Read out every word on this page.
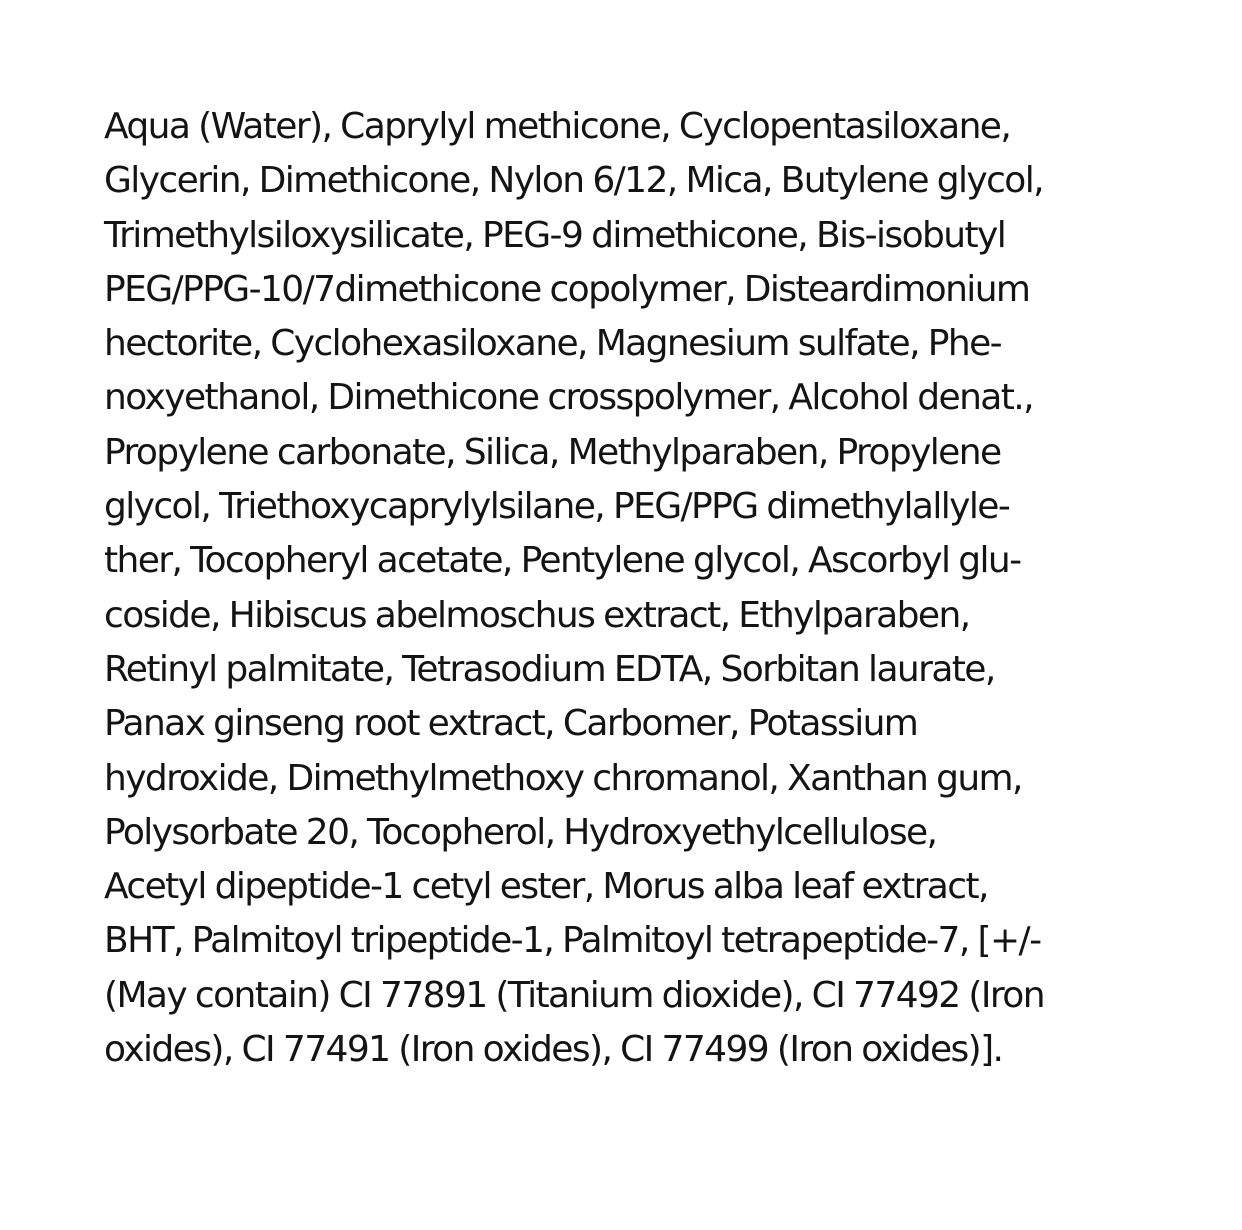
Aqua (Water), Caprylyl methicone, Cyclopentasiloxane,
Glycerin, Dimethicone, Nylon 6/12, Mica, Butylene glycol,
Trimethylsiloxysilicate, PEG-9 dimethicone, Bis-isobutyl
PEG/PPG-10/7dimethicone copolymer, Disteardimonium
hectorite, Cyclohexasiloxane, Magnesium sulfate, Phe-
noxyethanol, Dimethicone crosspolymer, Alcohol denat.,
Propylene carbonate, Silica, Methylparaben, Propylene
glycol, Triethoxycaprylylsilane, PEG/PPG dimethylallyle-
ther, Tocopheryl acetate, Pentylene glycol, Ascorbyl glu-
coside, Hibiscus abelmoschus extract, Ethylparaben,
Retinyl palmitate, Tetrasodium EDTA, Sorbitan laurate,
Panax ginseng root extract, Carbomer, Potassium
hydroxide, Dimethylmethoxy chromanol, Xanthan gum,
Polysorbate 20, Tocopherol, Hydroxyethylcellulose,
Acetyl dipeptide-1 cetyl ester, Morus alba leaf extract,
BHT, Palmitoyl tripeptide-1, Palmitoyl tetrapeptide-7, [+/-
(May contain) CI 77891 (Titanium dioxide), CI 77492 (Iron
oxides), CI 77491 (Iron oxides), CI 77499 (Iron oxides)].
